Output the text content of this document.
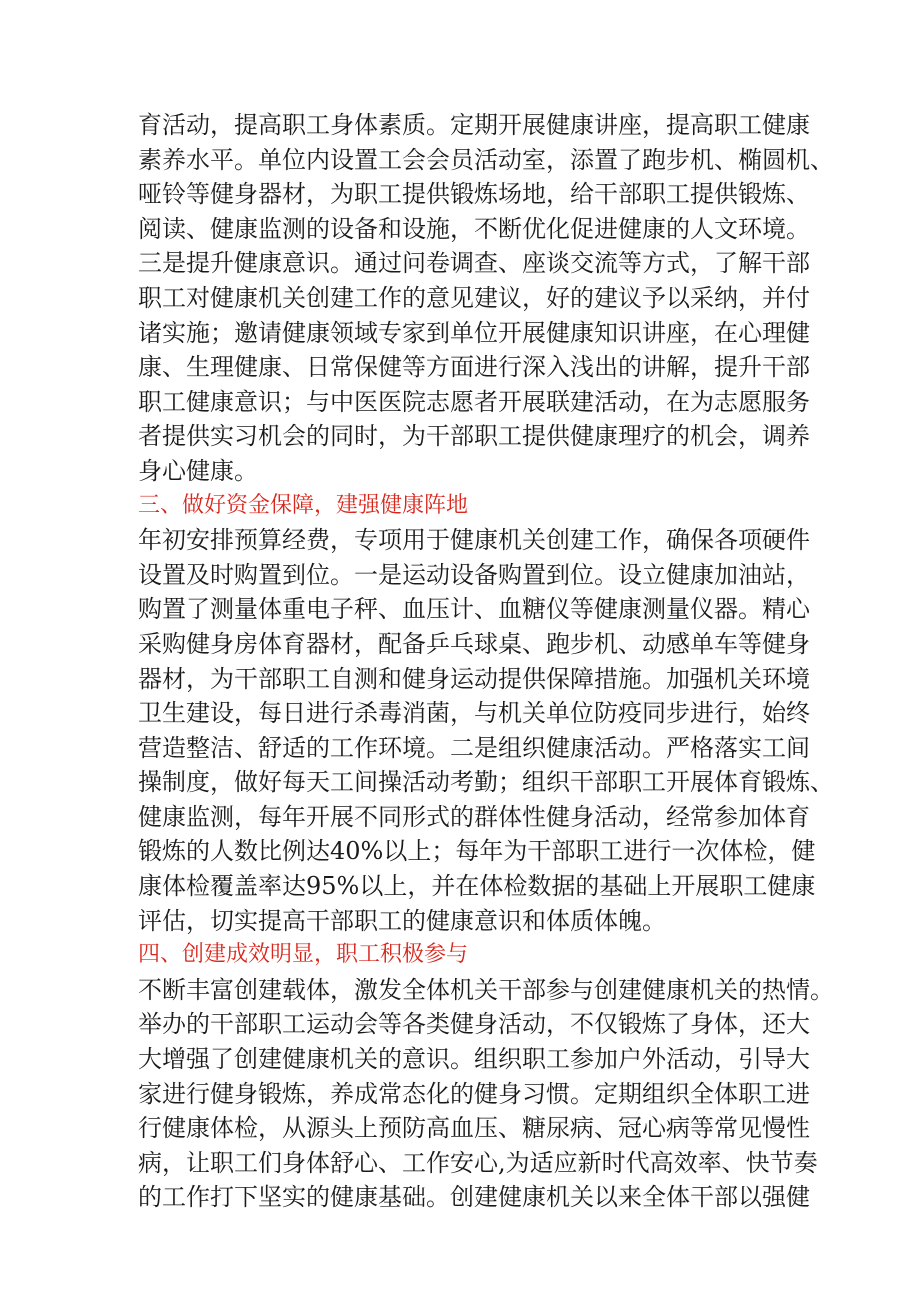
育活动，提高职工身体素质。定期开展健康讲座，提高职工健康
素养水平。单位内设置工会会员活动室，添置了跑步机、椭圆机、
哑铃等健身器材，为职工提供锻炼场地，给干部职工提供锻炼、
阅读、健康监测的设备和设施，不断优化促进健康的人文环境。
三是提升健康意识。通过问卷调查、座谈交流等方式，了解干部
职工对健康机关创建工作的意见建议，好的建议予以采纳，并付
诸实施；邀请健康领域专家到单位开展健康知识讲座，在心理健
康、生理健康、日常保健等方面进行深入浅出的讲解，提升干部
职工健康意识；与中医医院志愿者开展联建活动，在为志愿服务
者提供实习机会的同时，为干部职工提供健康理疗的机会，调养
身心健康。
三、做好资金保障，建强健康阵地
年初安排预算经费，专项用于健康机关创建工作，确保各项硬件
设置及时购置到位。一是运动设备购置到位。设立健康加油站，
购置了测量体重电子秤、血压计、血糖仪等健康测量仪器。精心
采购健身房体育器材，配备乒乓球桌、跑步机、动感单车等健身
器材，为干部职工自测和健身运动提供保障措施。加强机关环境
卫生建设，每日进行杀毒消菌，与机关单位防疫同步进行，始终
营造整洁、舒适的工作环境。二是组织健康活动。严格落实工间
操制度，做好每天工间操活动考勤；组织干部职工开展体育锻炼、
健康监测，每年开展不同形式的群体性健身活动，经常参加体育
锻炼的人数比例达40%以上；每年为干部职工进行一次体检，健
康体检覆盖率达95%以上，并在体检数据的基础上开展职工健康
评估，切实提高干部职工的健康意识和体质体魄。
四、创建成效明显，职工积极参与
不断丰富创建载体，激发全体机关干部参与创建健康机关的热情。
举办的干部职工运动会等各类健身活动，不仅锻炼了身体，还大
大增强了创建健康机关的意识。组织职工参加户外活动，引导大
家进行健身锻炼，养成常态化的健身习惯。定期组织全体职工进
行健康体检，从源头上预防高血压、糖尿病、冠心病等常见慢性
病，让职工们身体舒心、工作安心,为适应新时代高效率、快节奏
的工作打下坚实的健康基础。创建健康机关以来全体干部以强健
